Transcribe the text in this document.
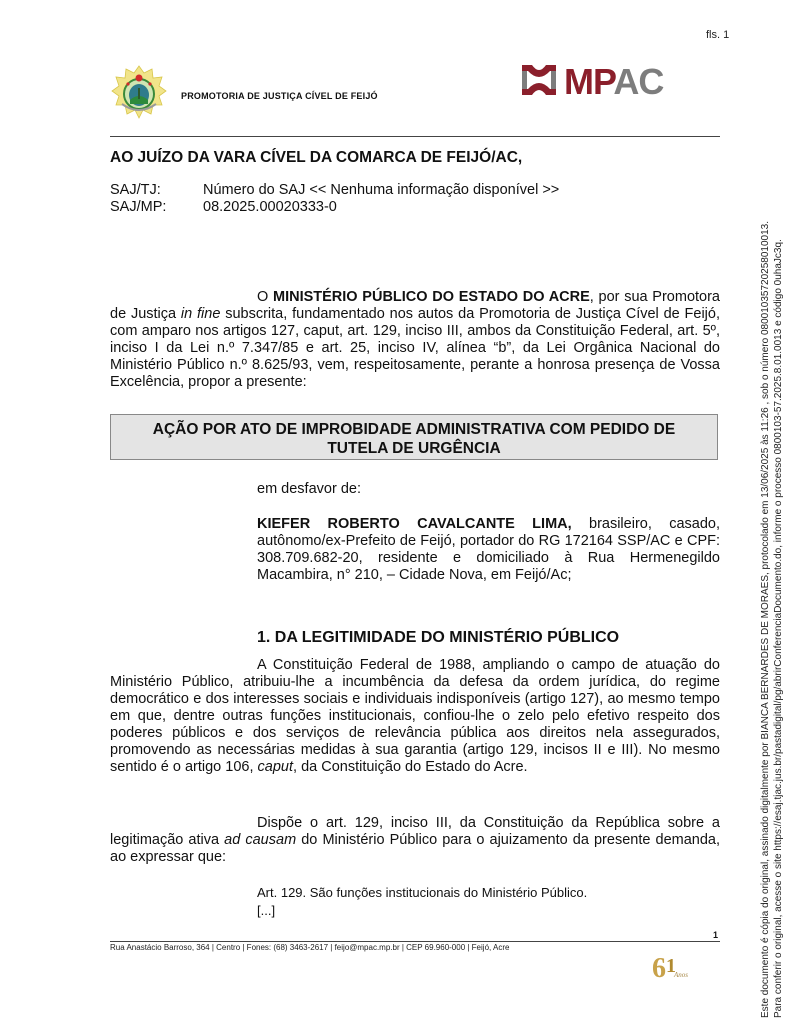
fls. 1
PROMOTORIA DE JUSTIÇA CÍVEL DE FEIJÓ	MPAC
AO JUÍZO DA VARA CÍVEL DA COMARCA DE FEIJÓ/AC,
SAJ/TJ:	Número do SAJ << Nenhuma informação disponível >>
SAJ/MP:	08.2025.00020333-0
O MINISTÉRIO PÚBLICO DO ESTADO DO ACRE, por sua Promotora de Justiça in fine subscrita, fundamentado nos autos da Promotoria de Justiça Cível de Feijó, com amparo nos artigos 127, caput, art. 129, inciso III, ambos da Constituição Federal, art. 5º, inciso I da Lei n.º 7.347/85 e art. 25, inciso IV, alínea “b”, da Lei Orgânica Nacional do Ministério Público n.º 8.625/93, vem, respeitosamente, perante a honrosa presença de Vossa Excelência, propor a presente:
AÇÃO POR ATO DE IMPROBIDADE ADMINISTRATIVA COM PEDIDO DE
TUTELA DE URGÊNCIA
em desfavor de:
KIEFER ROBERTO CAVALCANTE LIMA, brasileiro, casado, autônomo/ex-Prefeito de Feijó, portador do RG 172164 SSP/AC e CPF: 308.709.682-20, residente e domiciliado à Rua Hermenegildo Macambira, n° 210, – Cidade Nova, em Feijó/Ac;
1. DA LEGITIMIDADE DO MINISTÉRIO PÚBLICO
A Constituição Federal de 1988, ampliando o campo de atuação do Ministério Público, atribuiu-lhe a incumbência da defesa da ordem jurídica, do regime democrático e dos interesses sociais e individuais indisponíveis (artigo 127), ao mesmo tempo em que, dentre outras funções institucionais, confiou-lhe o zelo pelo efetivo respeito dos poderes públicos e dos serviços de relevância pública aos direitos nela assegurados, promovendo as necessárias medidas à sua garantia (artigo 129, incisos II e III). No mesmo sentido é o artigo 106, caput, da Constituição do Estado do Acre.
Dispõe o art. 129, inciso III, da Constituição da República sobre a legitimação ativa ad causam do Ministério Público para o ajuizamento da presente demanda, ao expressar que:
Art. 129. São funções institucionais do Ministério Público.
[...]
1
Rua Anastácio Barroso, 364 | Centro | Fones: (68) 3463-2617 | feijo@mpac.mp.br | CEP 69.960-000 | Feijó, Acre
6 1
Anos	Este documento é cópia do original, assinado digitalmente por BIANCA BERNARDES DE MORAES, protocolado em 13/06/2025 às 11:26 , sob o número 08001035720258010013. Para conferir o original, acesse o site https://esaj.tjac.jus.br/pastadigital/pg/abrirConferenciaDocumento.do, informe o processo 0800103-57.2025.8.01.0013 e código 0uhaJc3q.
